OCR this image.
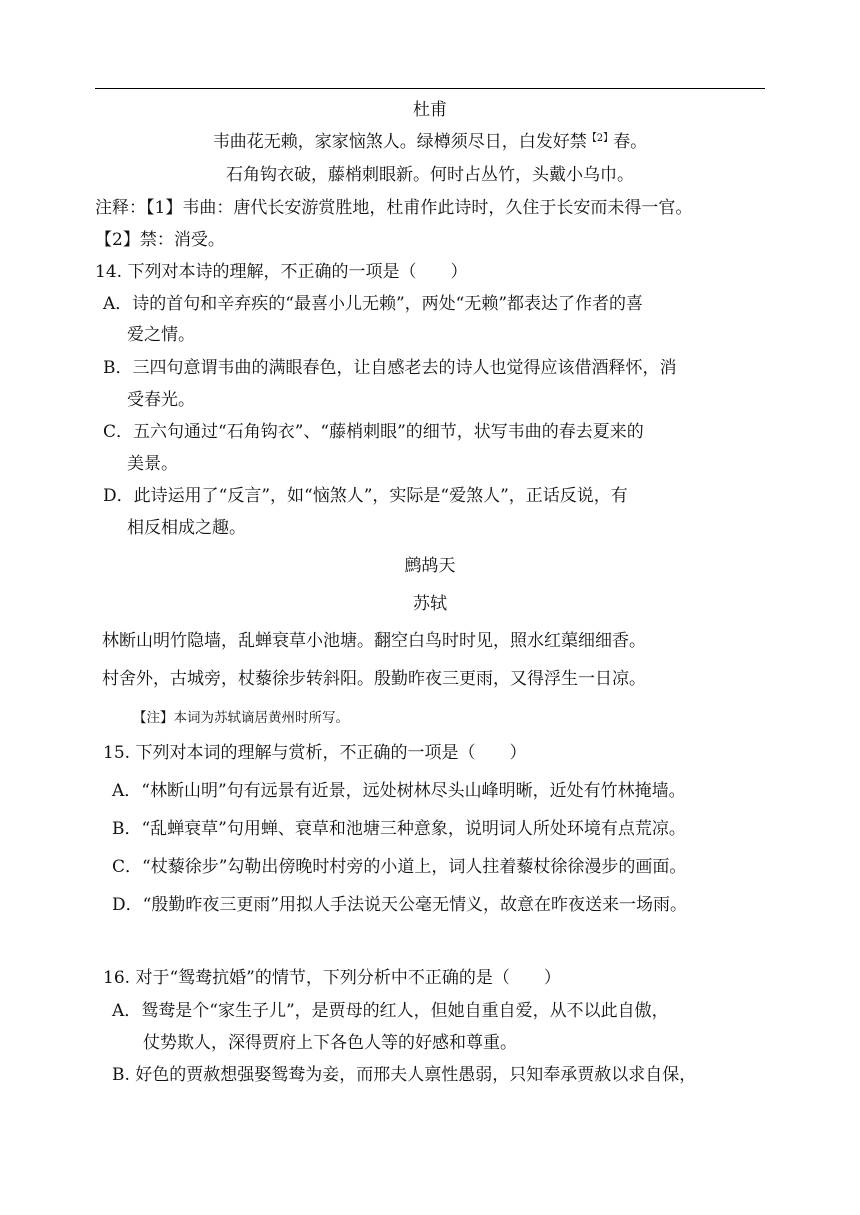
杜甫
韦曲花无赖，家家恼煞人。绿樽须尽日，白发好禁$^{【2】}$春。
石角钩衣破，藤梢刺眼新。何时占丛竹，头戴小乌巾。
注释：【1】韦曲：唐代长安游赏胜地，杜甫作此诗时，久住于长安而未得一官。
【2】禁：消受。
14. 下列对本诗的理解，不正确的一项是（　　）
A．诗的首句和辛弃疾的“最喜小儿无赖”，两处“无赖”都表达了作者的喜
爱之情。
B．三四句意谓韦曲的满眼春色，让自感老去的诗人也觉得应该借酒释怀，消
受春光。
C．五六句通过“石角钩衣”、“藤梢刺眼”的细节，状写韦曲的春去夏来的
美景。
D．此诗运用了“反言”，如“恼煞人”，实际是“爱煞人”，正话反说，有
相反相成之趣。
鹧鸪天
苏轼
林断山明竹隐墙，乱蝉衰草小池塘。翻空白鸟时时见，照水红蕖细细香。
村舍外，古城旁，杖藜徐步转斜阳。殷勤昨夜三更雨，又得浮生一日凉。
【注】本词为苏轼谪居黄州时所写。
15. 下列对本词的理解与赏析，不正确的一项是（　　）
A．“林断山明”句有远景有近景，远处树林尽头山峰明晰，近处有竹林掩墙。
B．“乱蝉衰草”句用蝉、衰草和池塘三种意象，说明词人所处环境有点荒凉。
C．“杖藜徐步”勾勒出傍晚时村旁的小道上，词人拄着藜杖徐徐漫步的画面。
D．“殷勤昨夜三更雨”用拟人手法说天公毫无情义，故意在昨夜送来一场雨。
16. 对于“鸳鸯抗婚”的情节，下列分析中不正确的是（　　）
A．鸳鸯是个“家生子儿”，是贾母的红人，但她自重自爱，从不以此自傲，
仗势欺人，深得贾府上下各色人等的好感和尊重。
B. 好色的贾赦想强娶鸳鸯为妾，而邢夫人禀性愚弱，只知奉承贾赦以求自保，
